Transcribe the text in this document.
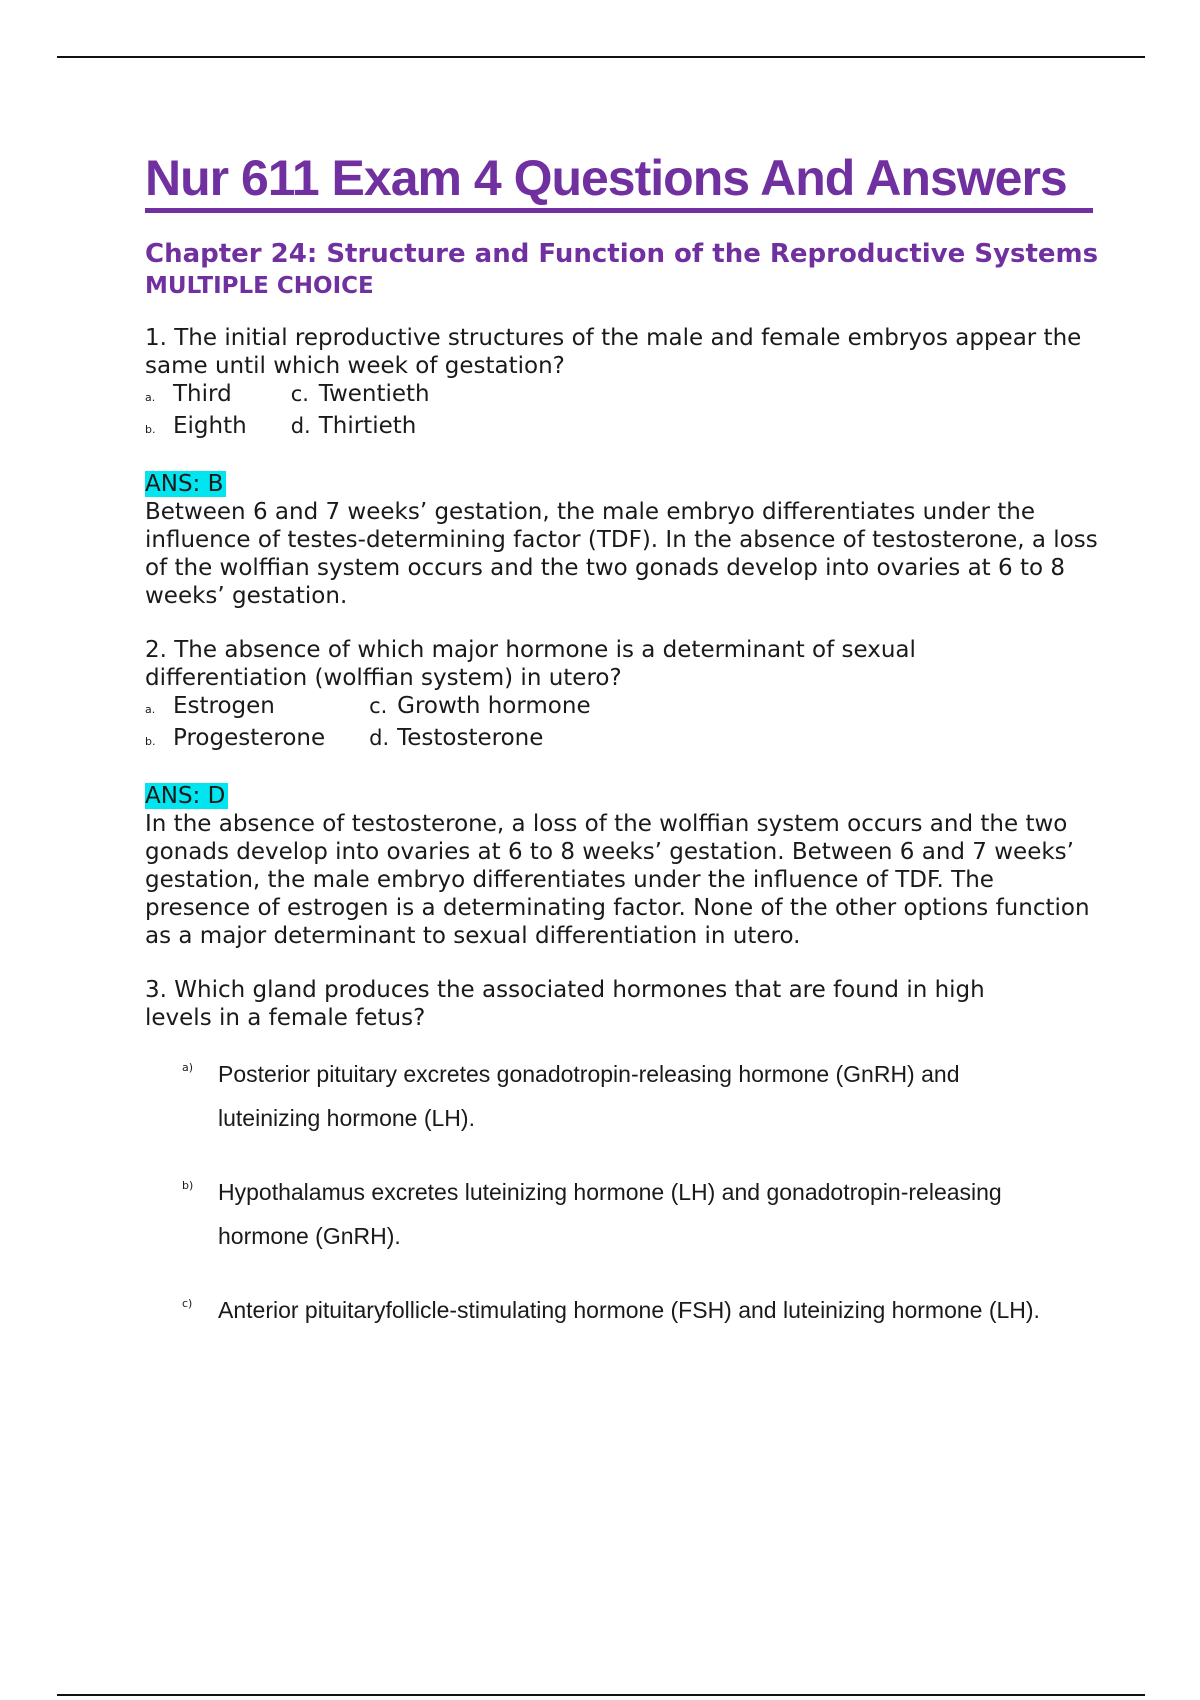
Nur 611 Exam 4 Questions And Answers
Chapter 24: Structure and Function of the Reproductive Systems MULTIPLE CHOICE
1. The initial reproductive structures of the male and female embryos appear the same until which week of gestation?
a. Third	c. Twentieth
b. Eighth d. Thirtieth
ANS: B
Between 6 and 7 weeks’ gestation, the male embryo differentiates under the influence of testes-determining factor (TDF). In the absence of testosterone, a loss of the wolffian system occurs and the two gonads develop into ovaries at 6 to 8 weeks’ gestation.
2. The absence of which major hormone is a determinant of sexual differentiation (wolffian system) in utero?
a. Estrogen	c. Growth hormone
b. Progesterone d. Testosterone
ANS: D
In the absence of testosterone, a loss of the wolffian system occurs and the two gonads develop into ovaries at 6 to 8 weeks’ gestation. Between 6 and 7 weeks’ gestation, the male embryo differentiates under the influence of TDF. The presence of estrogen is a determinating factor. None of the other options function as a major determinant to sexual differentiation in utero.
3. Which gland produces the associated hormones that are found in high levels in a female fetus?
a)	Posterior pituitary excretes gonadotropin-releasing hormone (GnRH) and luteinizing hormone (LH).
b)	Hypothalamus excretes luteinizing hormone (LH) and gonadotropin-releasing hormone (GnRH).
c)	Anterior pituitaryfollicle-stimulating hormone (FSH) and luteinizing hormone (LH).
